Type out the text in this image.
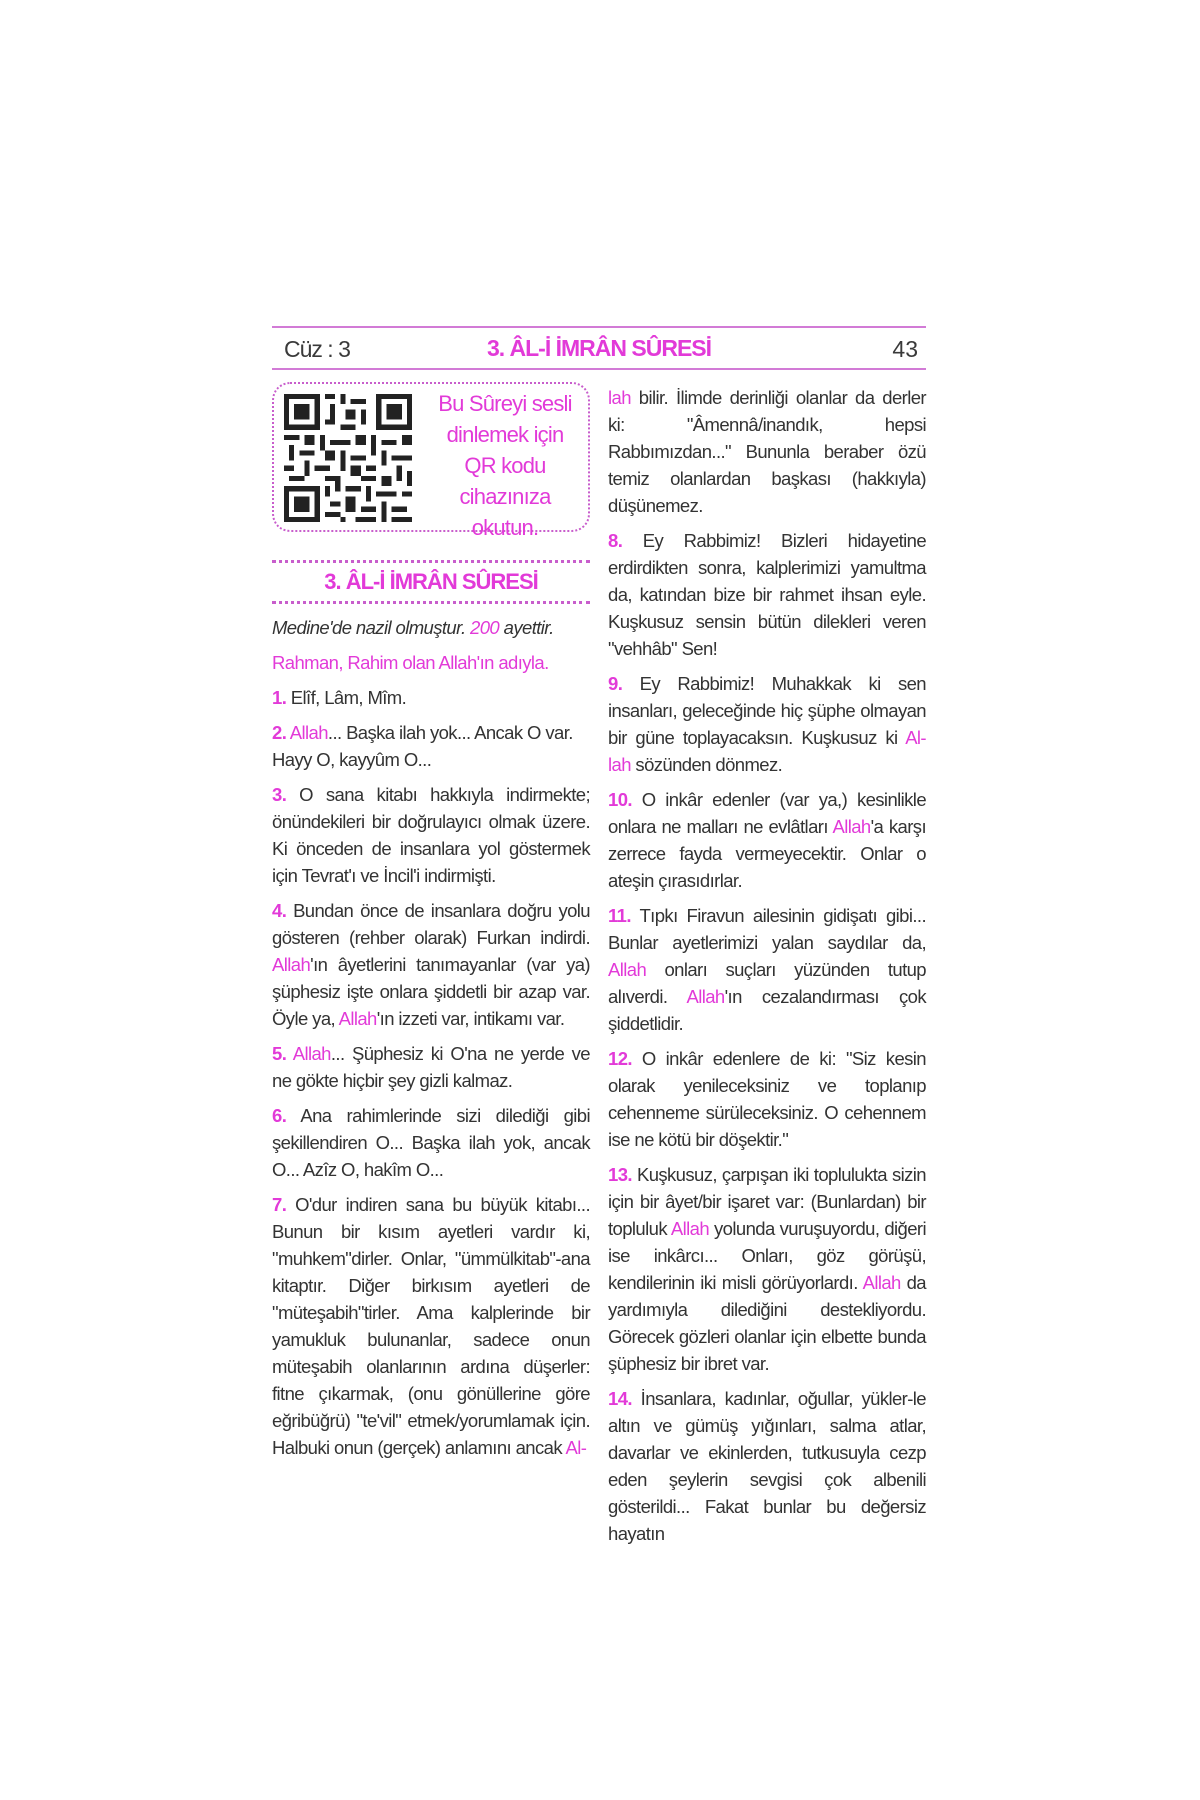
Cüz : 3	3. ÂL-İ İMRÂN SÛRESİ	43
Bu Sûreyi sesli
dinlemek için
QR kodu
cihazınıza
okutun.
3. ÂL-İ İMRÂN SÛRESİ

Medine'de nazil olmuştur. 200 ayettir.

Rahman, Rahim olan Allah'ın adıyla.

1. Elîf, Lâm, Mîm.

2. Allah... Başka ilah yok... Ancak O var. Hayy O, kayyûm O...

3. O sana kitabı hakkıyla indirmekte; önündekileri bir doğrulayıcı olmak üzere. Ki önceden de insanlara yol göstermek için Tevrat'ı ve İncil'i indirmişti.

4. Bundan önce de insanlara doğru yolu gösteren (rehber olarak) Furkan indirdi. Allah'ın âyetlerini tanımayanlar (var ya) şüphesiz işte onlara şiddetli bir azap var. Öyle ya, Allah'ın izzeti var, intikamı var.

5. Allah... Şüphesiz ki O'na ne yerde ve ne gökte hiçbir şey gizli kalmaz.

6. Ana rahimlerinde sizi dilediği gibi şekillendiren O... Başka ilah yok, ancak O... Azîz O, hakîm O...

7. O'dur indiren sana bu büyük kitabı... Bunun bir kısım ayetleri vardır ki, "muhkem"dirler. Onlar, "ümmülkitab"-ana kitaptır. Diğer birkısım ayetleri de "müteşabih"tirler. Ama kalplerinde bir yamukluk bulunanlar, sadece onun müteşabih olanlarının ardına düşerler: fitne çıkarmak, (onu gönüllerine göre eğribüğrü) "te'vil" etmek/yorumlamak için. Halbuki onun (gerçek) anlamını ancak Al-

lah bilir. İlimde derinliği olanlar da derler ki: "Âmennâ/inandık, hepsi Rabbımızdan..." Bununla beraber özü temiz olanlardan başkası (hakkıyla) düşünemez.

8. Ey Rabbimiz! Bizleri hidayetine erdirdikten sonra, kalplerimizi yamultma da, katından bize bir rahmet ihsan eyle. Kuşkusuz sensin bütün dilekleri veren "vehhâb" Sen!

9. Ey Rabbimiz! Muhakkak ki sen insanları, geleceğinde hiç şüphe olmayan bir güne toplayacaksın. Kuşkusuz ki Al-lah sözünden dönmez.

10. O inkâr edenler (var ya,) kesinlikle onlara ne malları ne evlâtları Allah'a karşı zerrece fayda vermeyecektir. Onlar o ateşin çırasıdırlar.

11. Tıpkı Firavun ailesinin gidişatı gibi... Bunlar ayetlerimizi yalan saydılar da, Allah onları suçları yüzünden tutup alıverdi. Allah'ın cezalandırması çok şiddetlidir.

12. O inkâr edenlere de ki: "Siz kesin olarak yenileceksiniz ve toplanıp cehenneme sürüleceksiniz. O cehennem ise ne kötü bir döşektir."

13. Kuşkusuz, çarpışan iki toplulukta sizin için bir âyet/bir işaret var: (Bunlardan) bir topluluk Allah yolunda vuruşuyordu, diğeri ise inkârcı... Onları, göz görüşü, kendilerinin iki misli görüyorlardı. Allah da yardımıyla dilediğini destekliyordu. Görecek gözleri olanlar için elbette bunda şüphesiz bir ibret var.

14. İnsanlara, kadınlar, oğullar, yükler-le altın ve gümüş yığınları, salma atlar, davarlar ve ekinlerden, tutkusuyla cezp eden şeylerin sevgisi çok albenili gösterildi... Fakat bunlar bu değersiz hayatın
